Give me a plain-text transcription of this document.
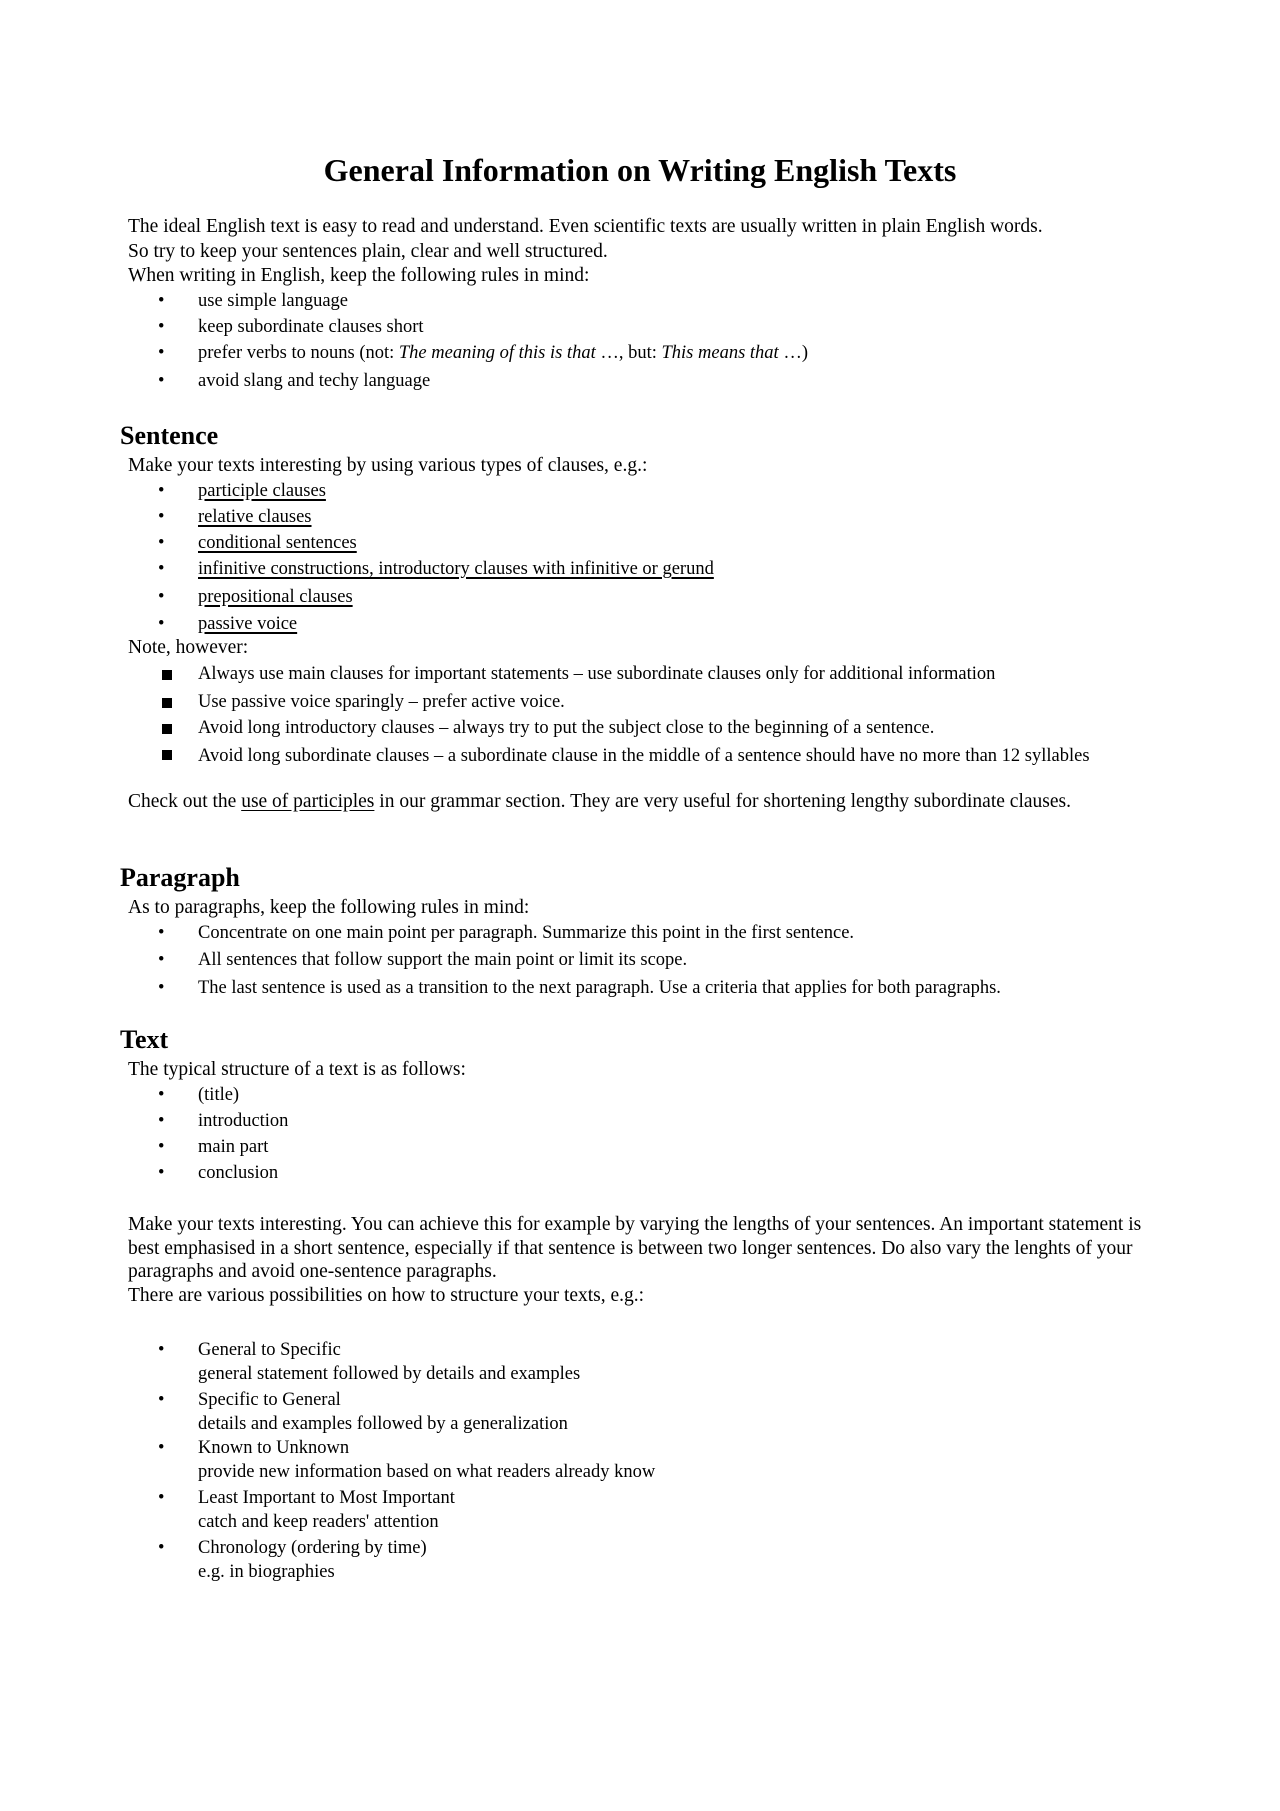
General Information on Writing English Texts

The ideal English text is easy to read and understand. Even scientific texts are usually written in plain English words.

So try to keep your sentences plain, clear and well structured.

When writing in English, keep the following rules in mind:

•	use simple language
•	keep subordinate clauses short
•	prefer verbs to nouns (not: The meaning of this is that …, but: This means that …)
•	avoid slang and techy language
Sentence

Make your texts interesting by using various types of clauses, e.g.:

•	participle clauses
•	relative clauses
•	conditional sentences
•	infinitive constructions, introductory clauses with infinitive or gerund
•	prepositional clauses
•	passive voice

Note, however:

Always use main clauses for important statements – use subordinate clauses only for additional information
Use passive voice sparingly – prefer active voice.
Avoid long introductory clauses – always try to put the subject close to the beginning of a sentence.
Avoid long subordinate clauses – a subordinate clause in the middle of a sentence should have no more than 12 syllables

Check out the use of participles in our grammar section. They are very useful for shortening lengthy subordinate clauses.

Paragraph

As to paragraphs, keep the following rules in mind:

•	Concentrate on one main point per paragraph. Summarize this point in the first sentence.
•	All sentences that follow support the main point or limit its scope.
•	The last sentence is used as a transition to the next paragraph. Use a criteria that applies for both paragraphs.
Text

The typical structure of a text is as follows:

•	(title)
•	introduction
•	main part
•	conclusion

Make your texts interesting. You can achieve this for example by varying the lengths of your sentences. An important statement is best emphasised in a short sentence, especially if that sentence is between two longer sentences. Do also vary the lenghts of your paragraphs and avoid one-sentence paragraphs.

There are various possibilities on how to structure your texts, e.g.:

•	General to Specific
general statement followed by details and examples
•	Specific to General
details and examples followed by a generalization
•	Known to Unknown
provide new information based on what readers already know
•	Least Important to Most Important
catch and keep readers' attention
•	Chronology (ordering by time)
e.g. in biographies
